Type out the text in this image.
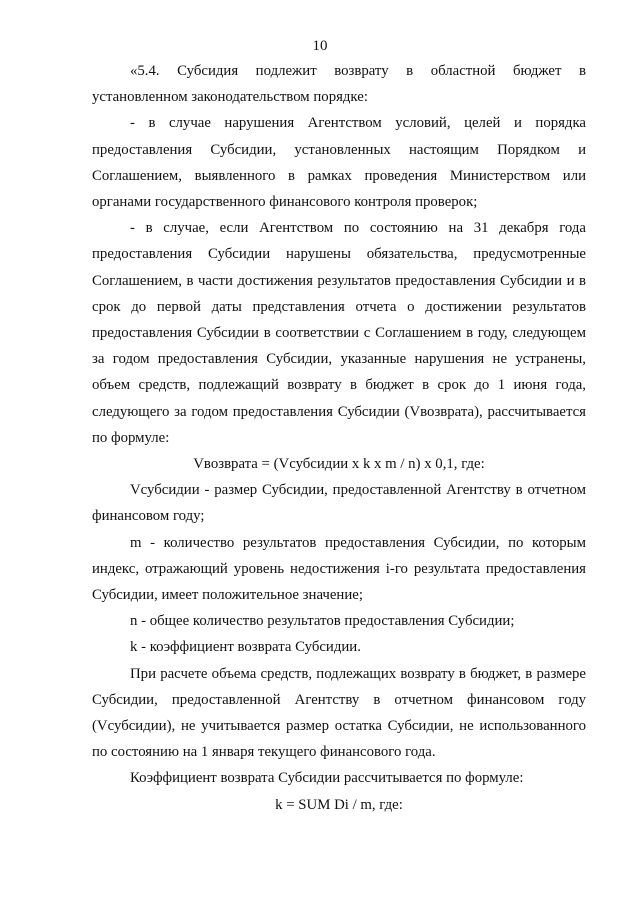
10

«5.4. Субсидия подлежит возврату в областной бюджет в установленном законодательством порядке:

- в случае нарушения Агентством условий, целей и порядка предоставления Субсидии, установленных настоящим Порядком и Соглашением, выявленного в рамках проведения Министерством или органами государственного финансового контроля проверок;

- в случае, если Агентством по состоянию на 31 декабря года предоставления Субсидии нарушены обязательства, предусмотренные Соглашением, в части достижения результатов предоставления Субсидии и в срок до первой даты представления отчета о достижении результатов предоставления Субсидии в соответствии с Соглашением в году, следующем за годом предоставления Субсидии, указанные нарушения не устранены, объем средств, подлежащий возврату в бюджет в срок до 1 июня года, следующего за годом предоставления Субсидии (Vвозврата), рассчитывается по формуле:

Vвозврата = (Vсубсидии x k x m / n) x 0,1, где:

Vсубсидии - размер Субсидии, предоставленной Агентству в отчетном финансовом году;

m - количество результатов предоставления Субсидии, по которым индекс, отражающий уровень недостижения i-го результата предоставления Субсидии, имеет положительное значение;

n - общее количество результатов предоставления Субсидии;

k - коэффициент возврата Субсидии.

При расчете объема средств, подлежащих возврату в бюджет, в размере Субсидии, предоставленной Агентству в отчетном финансовом году (Vсубсидии), не учитывается размер остатка Субсидии, не использованного по состоянию на 1 января текущего финансового года.

Коэффициент возврата Субсидии рассчитывается по формуле:

k = SUM Di / m, где:
